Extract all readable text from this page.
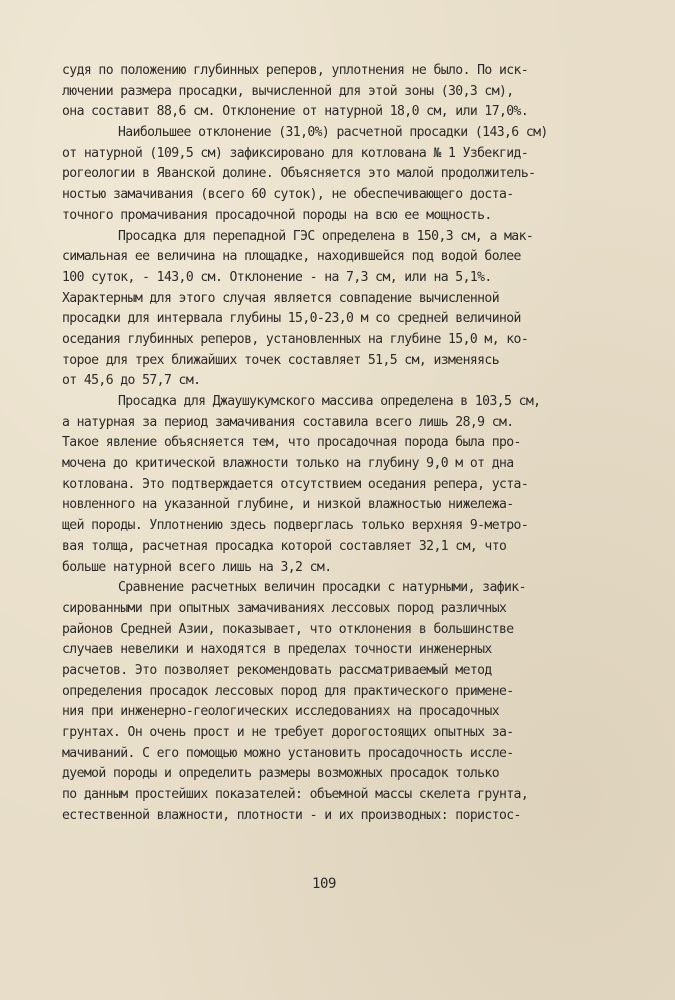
судя по положению глубинных реперов, уплотнения не было. По иск-
лючении размера просадки, вычисленной для этой зоны (30,3 см),
она составит 88,6 см. Отклонение от натурной 18,0 см, или 17,0%.
Наибольшее отклонение (31,0%) расчетной просадки (143,6 см)
от натурной (109,5 см) зафиксировано для котлована № 1 Узбекгид-
рогеологии в Яванской долине. Объясняется это малой продолжитель-
ностью замачивания (всего 60 суток), не обеспечивающего доста-
точного промачивания просадочной породы на всю ее мощность.
Просадка для перепадной ГЭС определена в 150,3 см, а мак-
симальная ее величина на площадке, находившейся под водой более
100 суток, - 143,0 см. Отклонение - на 7,3 см, или на 5,1%.
Характерным для этого случая является совпадение вычисленной
просадки для интервала глубины 15,0-23,0 м со средней величиной
оседания глубинных реперов, установленных на глубине 15,0 м, ко-
торое для трех ближайших точек составляет 51,5 см, изменяясь
от 45,6 до 57,7 см.
Просадка для Джаушукумского массива определена в 103,5 см,
а натурная за период замачивания составила всего лишь 28,9 см.
Такое явление объясняется тем, что просадочная порода была про-
мочена до критической влажности только на глубину 9,0 м от дна
котлована. Это подтверждается отсутствием оседания репера, уста-
новленного на указанной глубине, и низкой влажностью нижележа-
щей породы. Уплотнению здесь подверглась только верхняя 9-метро-
вая толща, расчетная просадка которой составляет 32,1 см, что
больше натурной всего лишь на 3,2 см.
Сравнение расчетных величин просадки с натурными, зафик-
сированными при опытных замачиваниях лессовых пород различных
районов Средней Азии, показывает, что отклонения в большинстве
случаев невелики и находятся в пределах точности инженерных
расчетов. Это позволяет рекомендовать рассматриваемый метод
определения просадок лессовых пород для практического примене-
ния при инженерно-геологических исследованиях на просадочных
грунтах. Он очень прост и не требует дорогостоящих опытных за-
мачиваний. С его помощью можно установить просадочность иссле-
дуемой породы и определить размеры возможных просадок только
по данным простейших показателей: объемной массы скелета грунта,
естественной влажности, плотности - и их производных: пористос-
109
